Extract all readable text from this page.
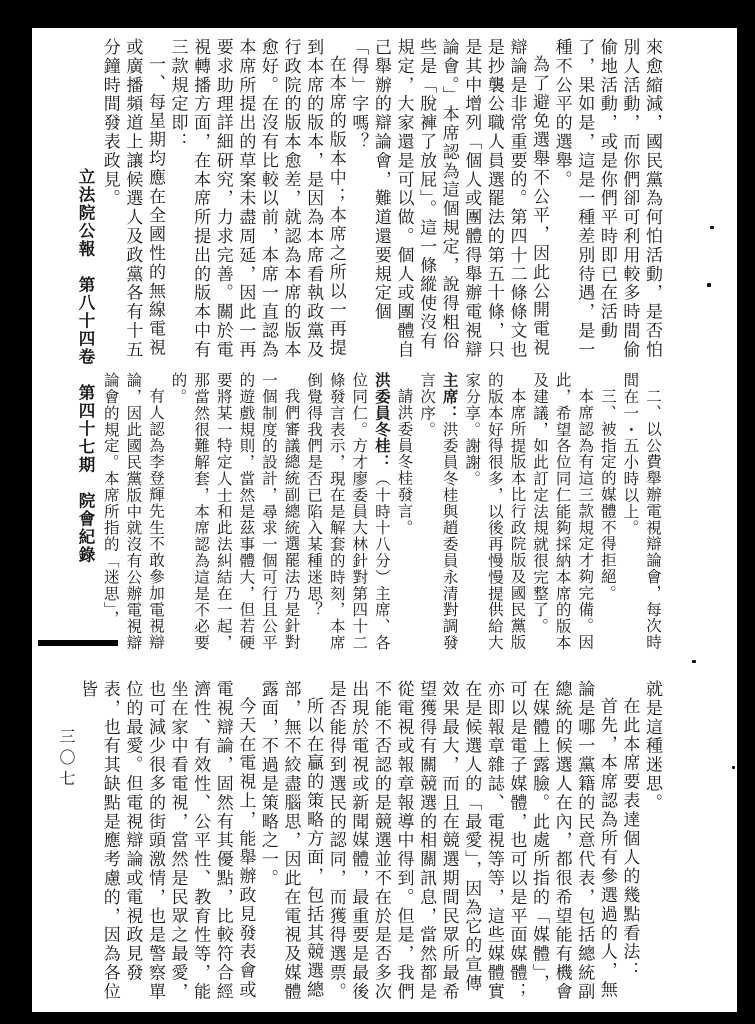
立法院公報　第八十四卷　第四十七期　院會紀錄
三〇七

來愈縮減，國民黨為何怕活動，是否怕別人活動，而你們卻可利用較多時間偷偷地活動，或是你們平時即已在活動了，果如是，這是一種差別待遇，是一種不公平的選舉。

為了避免選舉不公平，因此公開電視辯論是非常重要的。第四十二條條文也是抄襲公職人員選罷法的第五十條，只是其中增列「個人或團體得舉辦電視辯論會。」本席認為這個規定，說得粗俗些是「脫褲了放屁」。這一條縱使沒有規定，大家還是可以做。個人或團體自己舉辦的辯論會，難道還要規定個「得」字嗎？

在本席的版本中；本席之所以一再提到本席的版本，是因為本席看執政黨及行政院的版本愈差，就認為本席的版本愈好。在沒有比較以前，本席一直認為本席所提出的草案未盡周延，因此一再要求助理詳細研究，力求完善。關於電視轉播方面，在本席所提出的版本中有三款規定即：

一、每星期均應在全國性的無線電視或廣播頻道上讓候選人及政黨各有十五分鐘時間發表政見。

二、以公費舉辦電視辯論會，每次時間在一・五小時以上。

三、被指定的媒體不得拒絕。

本席認為有這三款規定才夠完備。因此，希望各位同仁能夠採納本席的版本及建議，如此訂定法規就很完整了。

本席所提版本比行政院版及國民黨版的版本好得很多，以後再慢慢提供給大家分享。謝謝。

主席：洪委員冬桂與趙委員永清對調發言次序。

請洪委員冬桂發言。

洪委員冬桂：（十時十八分）主席、各位同仁。方才廖委員大林針對第四十二條發言表示，現在是解套的時刻，本席倒覺得我們是否已陷入某種迷思？

我們審議總統副總統選罷法乃是針對一個制度的設計，尋求一個可行且公平的遊戲規則，當然是茲事體大，但若硬要將某一特定人士和此法糾結在一起，那當然很難解套，本席認為這是不必要的。

有人認為李登輝先生不敢參加電視辯論，因此國民黨版中就沒有公辦電視辯論會的規定。本席所指的「迷思」，

就是這種迷思。

在此本席要表達個人的幾點看法：

首先，本席認為所有參選過的人，無論是哪一黨籍的民意代表，包括總統副總統的候選人在內，都很希望能有機會在媒體上露臉。此處所指的「媒體」，可以是電子媒體，也可以是平面媒體；亦即報章雜誌、電視等等，這些媒體實在是候選人的「最愛」，因為它的宣傳效果最大，而且在競選期間民眾所最希望獲得有關競選的相關訊息，當然都是從電視或報章報導中得到。但是，我們不能不否認的是競選並不在於是否多次出現於電視或新聞媒體，最重要是最後是否能得到選民的認同，而獲得選票。

所以在贏的策略方面，包括其競選總部，無不絞盡腦思，因此在電視及媒體露面，不過是策略之一。

今天在電視上，能舉辦政見發表會或電視辯論，固然有其優點，比較符合經濟性、有效性、公平性、教育性等，能坐在家中看電視，當然是民眾之最愛，也可減少很多的街頭激情，也是警察單位的最愛。但電視辯論或電視政見發表，也有其缺點是應考慮的，因為各位皆
